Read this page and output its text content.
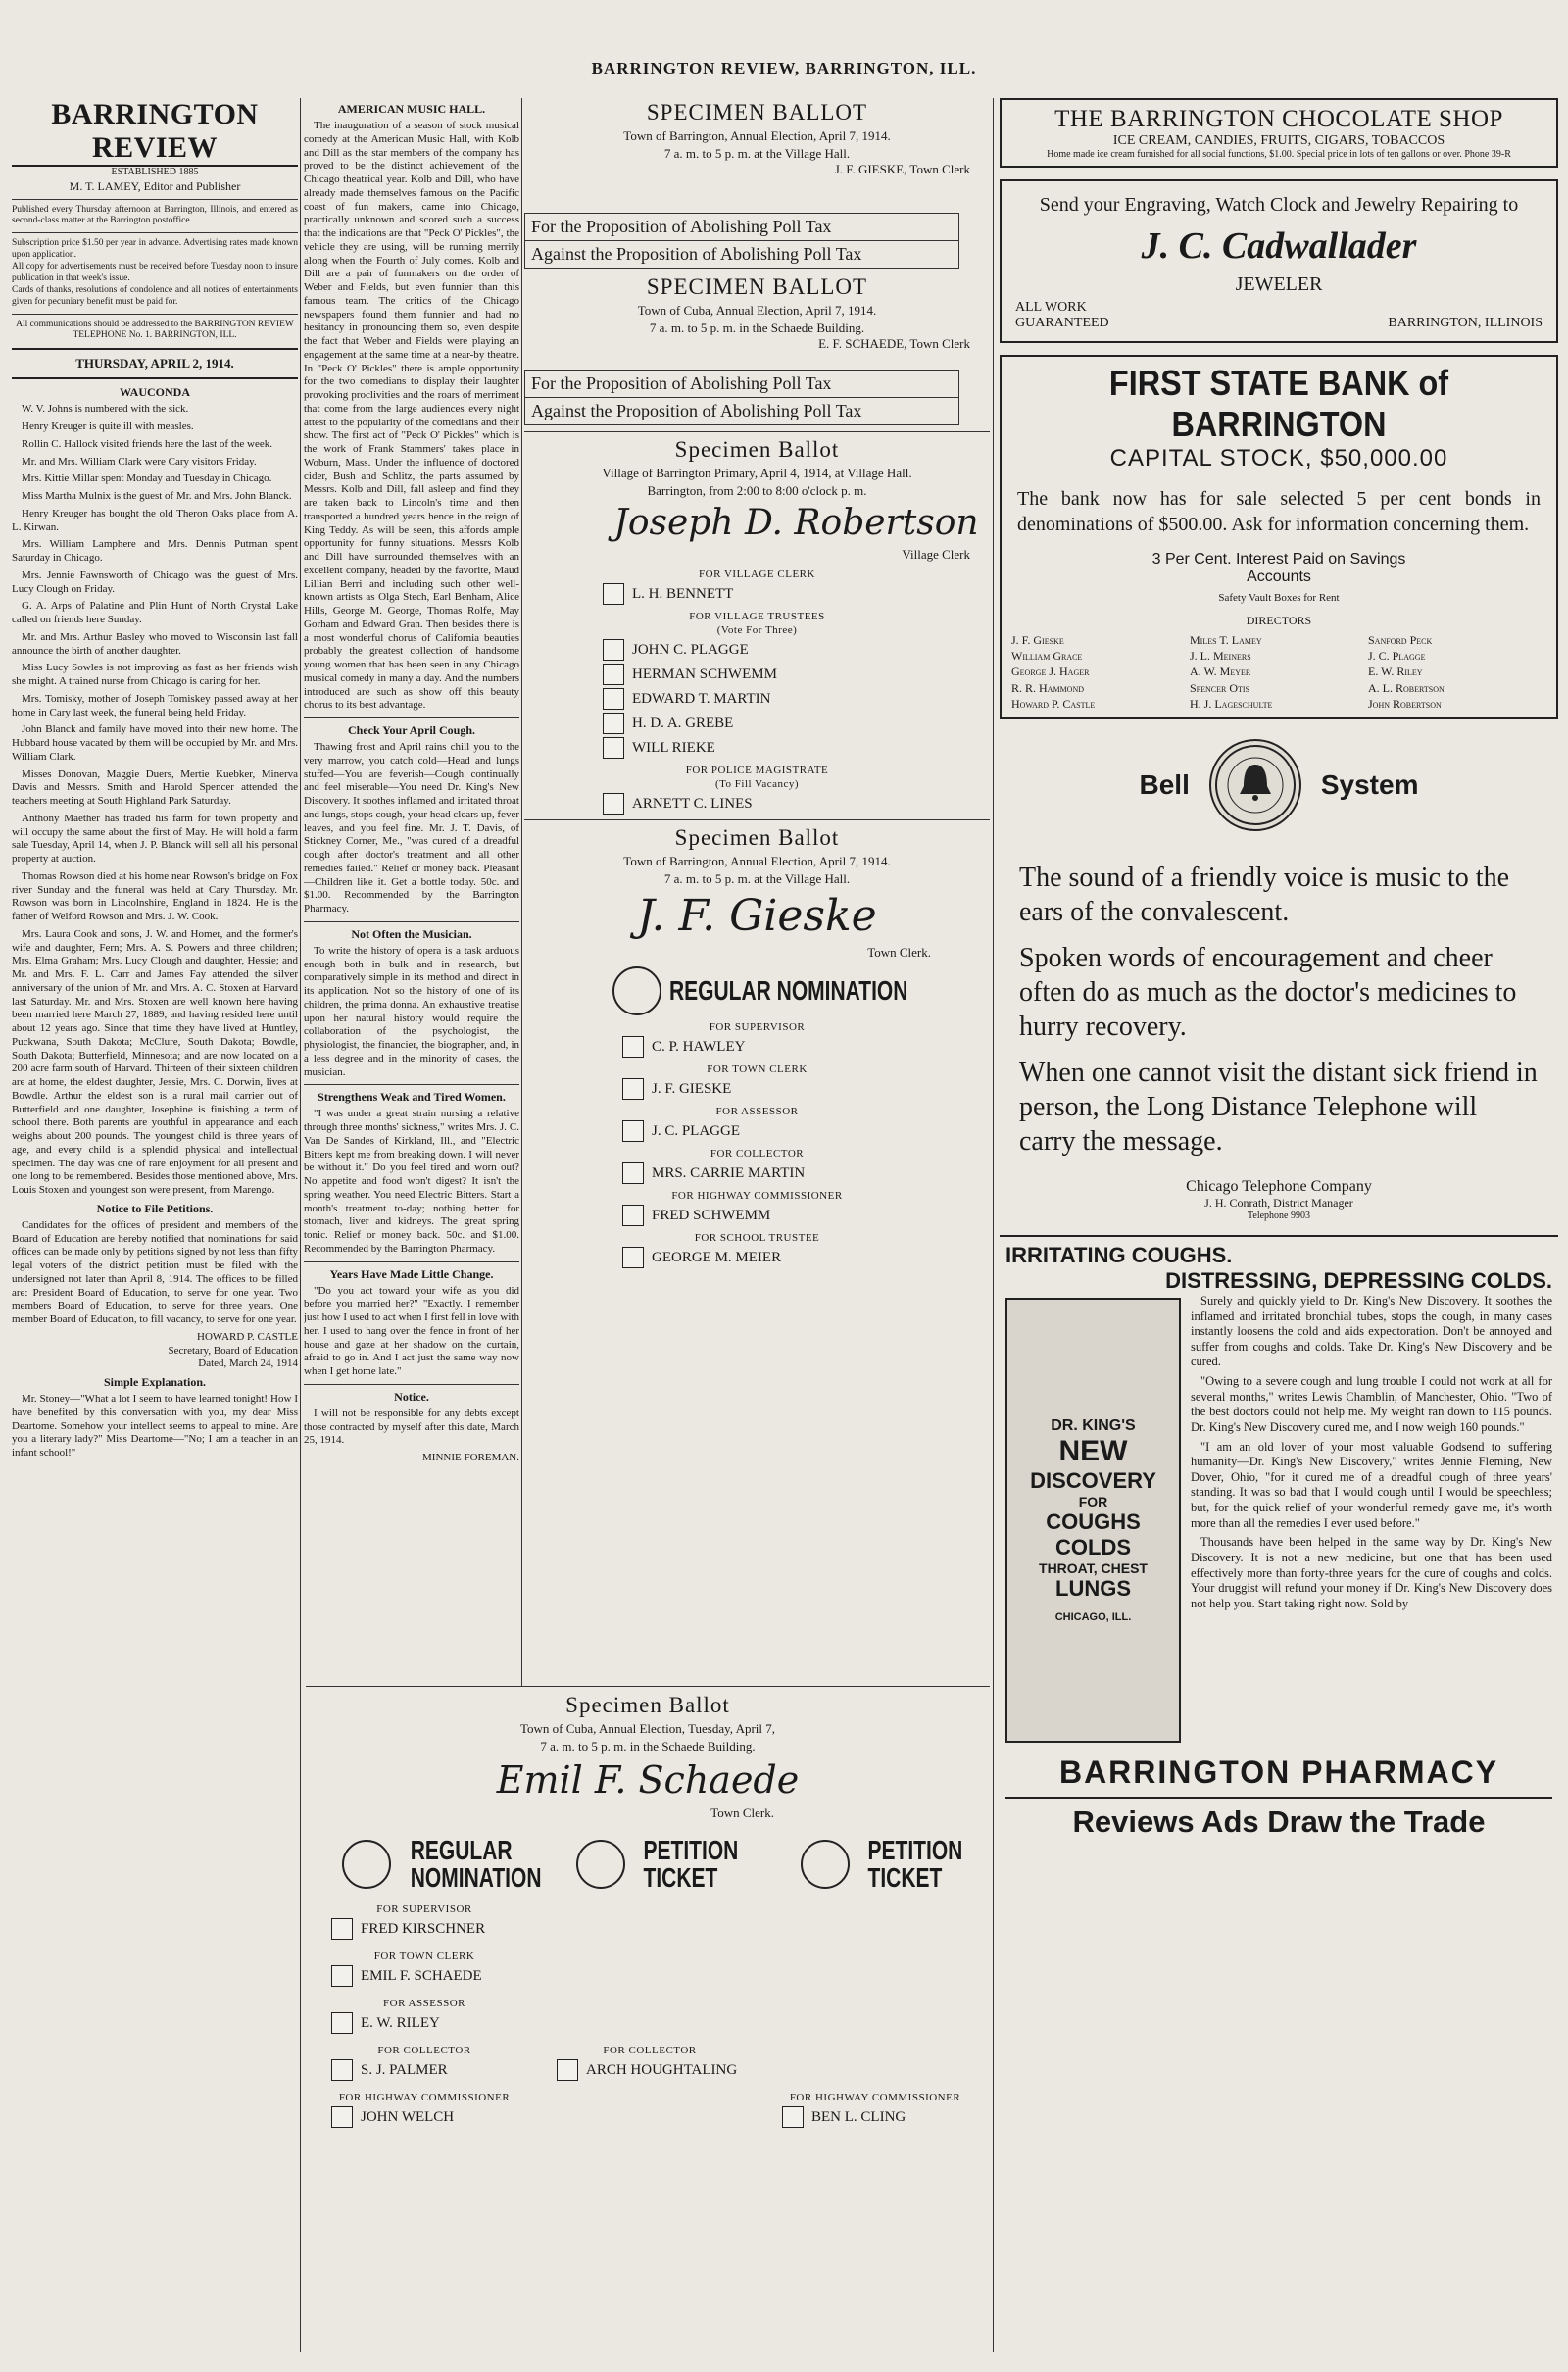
BARRINGTON REVIEW, BARRINGTON, ILL.
BARRINGTON REVIEW
ESTABLISHED 1885
M. T. LAMEY, Editor and Publisher
Published every Thursday afternoon at Barrington, Illinois, and entered as second-class matter at the Barrington postoffice.
Subscription price $1.50 per year in advance. Advertising rates made known upon application.
All copy for advertisements must be received before Tuesday noon to insure publication in that week's issue.
Cards of thanks, resolutions of condolence and all notices of entertainments given for pecuniary benefit must be paid for.
All communications should be addressed to the BARRINGTON REVIEW
TELEPHONE No. 1. BARRINGTON, ILL.
THURSDAY, APRIL 2, 1914.
WAUCONDA

W. V. Johns is numbered with the sick.

Henry Kreuger is quite ill with measles.

Rollin C. Hallock visited friends here the last of the week.

Mr. and Mrs. William Clark were Cary visitors Friday.

Mrs. Kittie Millar spent Monday and Tuesday in Chicago.

Miss Martha Mulnix is the guest of Mr. and Mrs. John Blanck.

Henry Kreuger has bought the old Theron Oaks place from A. L. Kirwan.

Mrs. William Lamphere and Mrs. Dennis Putman spent Saturday in Chicago.

Mrs. Jennie Fawnsworth of Chicago was the guest of Mrs. Lucy Clough on Friday.

G. A. Arps of Palatine and Plin Hunt of North Crystal Lake called on friends here Sunday.

Mr. and Mrs. Arthur Basley who moved to Wisconsin last fall announce the birth of another daughter.

Miss Lucy Sowles is not improving as fast as her friends wish she might. A trained nurse from Chicago is caring for her.

Mrs. Tomisky, mother of Joseph Tomiskey passed away at her home in Cary last week, the funeral being held Friday.

John Blanck and family have moved into their new home. The Hubbard house vacated by them will be occupied by Mr. and Mrs. William Clark.

Misses Donovan, Maggie Duers, Mertie Kuebker, Minerva Davis and Messrs. Smith and Harold Spencer attended the teachers meeting at South Highland Park Saturday.

Anthony Maether has traded his farm for town property and will occupy the same about the first of May. He will hold a farm sale Tuesday, April 14, when J. P. Blanck will sell all his personal property at auction.

Thomas Rowson died at his home near Rowson's bridge on Fox river Sunday and the funeral was held at Cary Thursday. Mr. Rowson was born in Lincolnshire, England in 1824. He is the father of Welford Rowson and Mrs. J. W. Cook.

Mrs. Laura Cook and sons, J. W. and Homer, and the former's wife and daughter, Fern; Mrs. A. S. Powers and three children; Mrs. Elma Graham; Mrs. Lucy Clough and daughter, Hessie; and Mr. and Mrs. F. L. Carr and James Fay attended the silver anniversary of the union of Mr. and Mrs. A. C. Stoxen at Harvard last Saturday. Mr. and Mrs. Stoxen are well known here having been married here March 27, 1889, and having resided here until about 12 years ago. Since that time they have lived at Huntley, Puckwana, South Dakota; McClure, South Dakota; Bowdle, South Dakota; Butterfield, Minnesota; and are now located on a 200 acre farm south of Harvard. Thirteen of their sixteen children are at home, the eldest daughter, Jessie, Mrs. C. Dorwin, lives at Bowdle. Arthur the eldest son is a rural mail carrier out of Butterfield and one daughter, Josephine is finishing a term of school there. Both parents are youthful in appearance and each weighs about 200 pounds. The youngest child is three years of age, and every child is a splendid physical and intellectual specimen. The day was one of rare enjoyment for all present and one long to be remembered. Besides those mentioned above, Mrs. Louis Stoxen and youngest son were present, from Marengo.

Notice to File Petitions.

Candidates for the offices of president and members of the Board of Education are hereby notified that nominations for said offices can be made only by petitions signed by not less than fifty legal voters of the district petition must be filed with the undersigned not later than April 8, 1914. The offices to be filled are: President Board of Education, to serve for one year. Two members Board of Education, to serve for three years. One member Board of Education, to fill vacancy, to serve for one year.

HOWARD P. CASTLE
Secretary, Board of Education
Dated, March 24, 1914
Simple Explanation.

Mr. Stoney—"What a lot I seem to have learned tonight! How I have benefited by this conversation with you, my dear Miss Deartome. Somehow your intellect seems to appeal to mine. Are you a literary lady?" Miss Deartome—"No; I am a teacher in an infant school!"

AMERICAN MUSIC HALL.

The inauguration of a season of stock musical comedy at the American Music Hall, with Kolb and Dill as the star members of the company has proved to be the distinct achievement of the Chicago theatrical year. Kolb and Dill, who have already made themselves famous on the Pacific coast of fun makers, came into Chicago, practically unknown and scored such a success that the indications are that "Peck O' Pickles", the vehicle they are using, will be running merrily along when the Fourth of July comes. Kolb and Dill are a pair of funmakers on the order of Weber and Fields, but even funnier than this famous team. The critics of the Chicago newspapers found them funnier and had no hesitancy in pronouncing them so, even despite the fact that Weber and Fields were playing an engagement at the same time at a near-by theatre. In "Peck O' Pickles" there is ample opportunity for the two comedians to display their laughter provoking proclivities and the roars of merriment that come from the large audiences every night attest to the popularity of the comedians and their show. The first act of "Peck O' Pickles" which is the work of Frank Stammers' takes place in Woburn, Mass. Under the influence of doctored cider, Bush and Schlitz, the parts assumed by Messrs. Kolb and Dill, fall asleep and find they are taken back to Lincoln's time and then transported a hundred years hence in the reign of King Teddy. As will be seen, this affords ample opportunity for funny situations. Messrs Kolb and Dill have surrounded themselves with an excellent company, headed by the favorite, Maud Lillian Berri and including such other well-known artists as Olga Stech, Earl Benham, Alice Hills, George M. George, Thomas Rolfe, May Gorham and Edward Gran. Then besides there is a most wonderful chorus of California beauties probably the greatest collection of handsome young women that has been seen in any Chicago musical comedy in many a day. And the numbers introduced are such as show off this beauty chorus to its best advantage.

Check Your April Cough.

Thawing frost and April rains chill you to the very marrow, you catch cold—Head and lungs stuffed—You are feverish—Cough continually and feel miserable—You need Dr. King's New Discovery. It soothes inflamed and irritated throat and lungs, stops cough, your head clears up, fever leaves, and you feel fine. Mr. J. T. Davis, of Stickney Corner, Me., "was cured of a dreadful cough after doctor's treatment and all other remedies failed." Relief or money back. Pleasant—Children like it. Get a bottle today. 50c. and $1.00. Recommended by the Barrington Pharmacy.

Not Often the Musician.

To write the history of opera is a task arduous enough both in bulk and in research, but comparatively simple in its method and direct in its application. Not so the history of one of its children, the prima donna. An exhaustive treatise upon her natural history would require the collaboration of the psychologist, the physiologist, the financier, the biographer, and, in a less degree and in the minority of cases, the musician.

Strengthens Weak and Tired Women.

"I was under a great strain nursing a relative through three months' sickness," writes Mrs. J. C. Van De Sandes of Kirkland, Ill., and "Electric Bitters kept me from breaking down. I will never be without it." Do you feel tired and worn out? No appetite and food won't digest? It isn't the spring weather. You need Electric Bitters. Start a month's treatment to-day; nothing better for stomach, liver and kidneys. The great spring tonic. Relief or money back. 50c. and $1.00. Recommended by the Barrington Pharmacy.

Years Have Made Little Change.

"Do you act toward your wife as you did before you married her?" "Exactly. I remember just how I used to act when I first fell in love with her. I used to hang over the fence in front of her house and gaze at her shadow on the curtain, afraid to go in. And I act just the same way now when I get home late."

Notice.

I will not be responsible for any debts except those contracted by myself after this date, March 25, 1914.

MINNIE FOREMAN.
SPECIMEN BALLOT
Town of Barrington, Annual Election, April 7, 1914.
7 a. m. to 5 p. m. at the Village Hall.
J. F. GIESKE, Town Clerk
For the Proposition of Abolishing Poll Tax
Against the Proposition of Abolishing Poll Tax
SPECIMEN BALLOT
Town of Cuba, Annual Election, April 7, 1914.
7 a. m. to 5 p. m. in the Schaede Building.
E. F. SCHAEDE, Town Clerk
For the Proposition of Abolishing Poll Tax
Against the Proposition of Abolishing Poll Tax
Specimen Ballot
Village of Barrington Primary, April 4, 1914, at Village Hall.
Barrington, from 2:00 to 8:00 o'clock p. m.
Joseph D. Robertson
Village Clerk
FOR VILLAGE CLERK
L. H. BENNETT
FOR VILLAGE TRUSTEES
(Vote For Three)
JOHN C. PLAGGE
HERMAN SCHWEMM
EDWARD T. MARTIN
H. D. A. GREBE
WILL RIEKE
FOR POLICE MAGISTRATE
(To Fill Vacancy)
ARNETT C. LINES
Specimen Ballot
Town of Barrington, Annual Election, April 7, 1914.
7 a. m. to 5 p. m. at the Village Hall.
J. F. Gieske
Town Clerk.
REGULAR NOMINATION
FOR SUPERVISOR
C. P. HAWLEY
FOR TOWN CLERK
J. F. GIESKE
FOR ASSESSOR
J. C. PLAGGE
FOR COLLECTOR
MRS. CARRIE MARTIN
FOR HIGHWAY COMMISSIONER
FRED SCHWEMM
FOR SCHOOL TRUSTEE
GEORGE M. MEIER
Specimen Ballot
Town of Cuba, Annual Election, Tuesday, April 7,
7 a. m. to 5 p. m. in the Schaede Building.
Emil F. Schaede
Town Clerk.
REGULAR NOMINATION
PETITION TICKET
PETITION TICKET
FOR SUPERVISOR
FRED KIRSCHNER
FOR TOWN CLERK
EMIL F. SCHAEDE
FOR ASSESSOR
E. W. RILEY
FOR COLLECTOR
S. J. PALMER
FOR COLLECTOR
ARCH HOUGHTALING
FOR HIGHWAY COMMISSIONER
JOHN WELCH
FOR HIGHWAY COMMISSIONER
BEN L. CLING
THE BARRINGTON CHOCOLATE SHOP
ICE CREAM, CANDIES, FRUITS, CIGARS, TOBACCOS
Home made ice cream furnished for all social functions, $1.00. Special price in lots of ten gallons or over. Phone 39-R
Send your Engraving, Watch Clock and Jewelry Repairing to
J. C. Cadwallader
JEWELER
ALL WORK GUARANTEED	BARRINGTON, ILLINOIS
FIRST STATE BANK of BARRINGTON
CAPITAL STOCK, $50,000.00
The bank now has for sale selected 5 per cent bonds in denominations of $500.00. Ask for information concerning them.
3 Per Cent. Interest Paid on Savings Accounts
Safety Vault Boxes for Rent
DIRECTORS
J. F. Gieske	Miles T. Lamey	Sanford Peck
William Grace	J. L. Meiners	J. C. Plagge
George J. Hager	A. W. Meyer	E. W. Riley
R. R. Hammond	Spencer Otis	A. L. Robertson
Howard P. Castle	H. J. Lageschulte	John Robertson
Bell	System
The sound of a friendly voice is music to the ears of the convalescent.
Spoken words of encouragement and cheer often do as much as the doctor's medicines to hurry recovery.
When one cannot visit the distant sick friend in person, the Long Distance Telephone will carry the message.
Chicago Telephone Company
J. H. Conrath, District Manager
Telephone 9903
IRRITATING COUGHS.
DISTRESSING, DEPRESSING COLDS.
DR. KING'S
NEW
DISCOVERY
FOR
COUGHS
COLDS
THROAT, CHEST
LUNGS
CHICAGO, ILL.

Surely and quickly yield to Dr. King's New Discovery. It soothes the inflamed and irritated bronchial tubes, stops the cough, in many cases instantly loosens the cold and aids expectoration. Don't be annoyed and suffer from coughs and colds. Take Dr. King's New Discovery and be cured.

"Owing to a severe cough and lung trouble I could not work at all for several months," writes Lewis Chamblin, of Manchester, Ohio. "Two of the best doctors could not help me. My weight ran down to 115 pounds. Dr. King's New Discovery cured me, and I now weigh 160 pounds."

"I am an old lover of your most valuable Godsend to suffering humanity—Dr. King's New Discovery," writes Jennie Fleming, New Dover, Ohio, "for it cured me of a dreadful cough of three years' standing. It was so bad that I would cough until I would be speechless; but, for the quick relief of your wonderful remedy gave me, it's worth more than all the remedies I ever used before."

Thousands have been helped in the same way by Dr. King's New Discovery. It is not a new medicine, but one that has been used effectively more than forty-three years for the cure of coughs and colds. Your druggist will refund your money if Dr. King's New Discovery does not help you. Start taking right now. Sold by

BARRINGTON PHARMACY
Reviews Ads Draw the Trade
